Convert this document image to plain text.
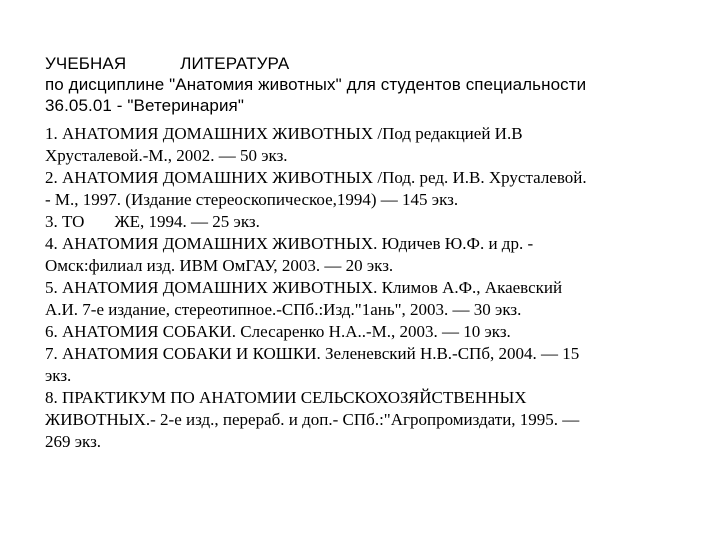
УЧЕБНАЯ	ЛИТЕРАТУРА
по дисциплине "Анатомия животных" для студентов специальности
36.05.01 - "Ветеринария"
1. АНАТОМИЯ ДОМАШНИХ ЖИВОТНЫХ /Под редакцией И.В
Хрусталевой.-М., 2002. — 50 экз.
2. АНАТОМИЯ ДОМАШНИХ ЖИВОТНЫХ /Под. ред. И.В. Хрусталевой.
- М., 1997. (Издание стереоскопическое,1994) — 145 экз.
3. ТО ЖЕ, 1994. — 25 экз.
4. АНАТОМИЯ ДОМАШНИХ ЖИВОТНЫХ. Юдичев Ю.Ф. и др. -
Омск:филиал изд. ИВМ ОмГАУ, 2003. — 20 экз.
5. АНАТОМИЯ ДОМАШНИХ ЖИВОТНЫХ. Климов А.Ф., Акаевский
А.И. 7-е издание, стереотипное.-СПб.:Изд."1ань", 2003. — 30 экз.
6. АНАТОМИЯ СОБАКИ. Слесаренко Н.А..-М., 2003. — 10 экз.
7. АНАТОМИЯ СОБАКИ И КОШКИ. Зеленевский Н.В.-СПб, 2004. — 15
экз.
8. ПРАКТИКУМ ПО АНАТОМИИ СЕЛЬСКОХОЗЯЙСТВЕННЫХ
ЖИВОТНЫХ.- 2-е изд., перераб. и доп.- СПб.:"Агропромиздати, 1995. —
269 экз.
